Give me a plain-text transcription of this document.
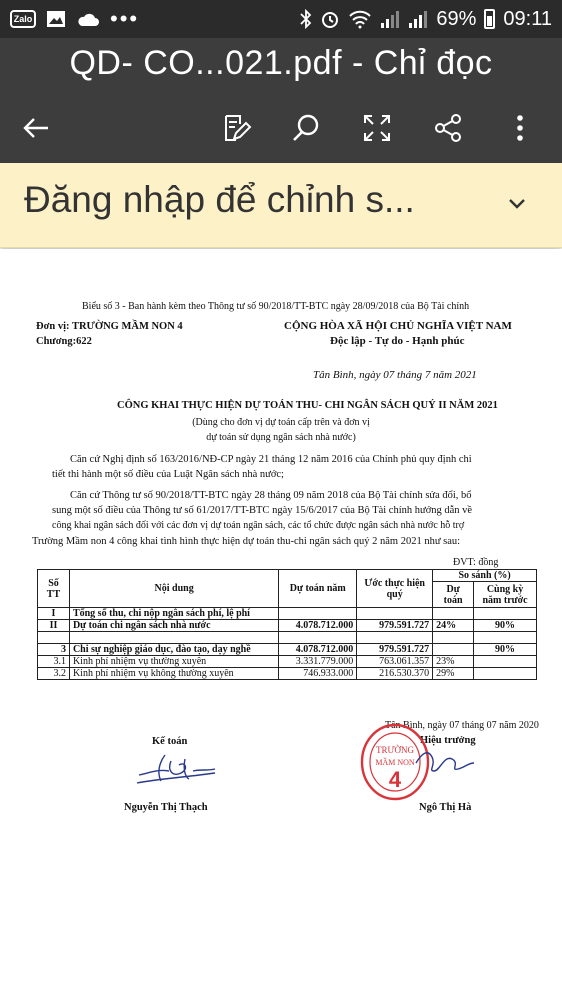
Zalo	•••	69% 09:11
QD- CO...021.pdf - Chỉ đọc
Đăng nhập để chỉnh s...
Biểu số 3 - Ban hành kèm theo Thông tư số 90/2018/TT-BTC ngày 28/09/2018 của Bộ Tài chính
Đơn vị: TRƯỜNG MẦM NON 4
Chương:622
CỘNG HÒA XÃ HỘI CHỦ NGHĨA VIỆT NAM
Độc lập - Tự do - Hạnh phúc
Tân Bình, ngày 07 tháng 7 năm 2021
CÔNG KHAI THỰC HIỆN DỰ TOÁN THU- CHI NGÂN SÁCH QUÝ II NĂM 2021
(Dùng cho đơn vị dự toán cấp trên và đơn vị
dự toán sử dụng ngân sách nhà nước)
Căn cứ Nghị định số 163/2016/NĐ-CP ngày 21 tháng 12 năm 2016 của Chính phủ quy định chi
tiết thi hành một số điều của Luật Ngân sách nhà nước;
Căn cứ Thông tư số 90/2018/TT-BTC ngày 28 tháng 09 năm 2018 của Bộ Tài chính sửa đổi, bổ
sung một số điều của Thông tư số 61/2017/TT-BTC ngày 15/6/2017 của Bộ Tài chính hướng dẫn về
công khai ngân sách đối với các đơn vị dự toán ngân sách, các tổ chức được ngân sách nhà nước hỗ trợ
Trường Mầm non 4 công khai tình hình thực hiện dự toán thu-chi ngân sách quý 2 năm 2021 như sau:
ĐVT: đồng
Số TT	Nội dung	Dự toán năm	Ước thực hiện quý	So sánh (%)	
				Dự toán	Cùng kỳ năm trước
I	Tổng số thu, chi nộp ngân sách phí, lệ phí				
II	Dự toán chi ngân sách nhà nước	4.078.712.000	979.591.727	24%	90%

3	Chi sự nghiệp giáo dục, đào tạo, dạy nghề	4.078.712.000	979.591.727		90%
3.1	Kinh phí nhiệm vụ thường xuyên	3.331.779.000	763.061.357	23%	
3.2	Kinh phí nhiệm vụ không thường xuyên	746.933.000	216.530.370	29%	
Tân Bình, ngày 07 tháng 07 năm 2020
Kế toán	Hiệu trưởng
TRƯỜNG
MẦM NON
4
Nguyễn Thị Thạch	Ngô Thị Hà
